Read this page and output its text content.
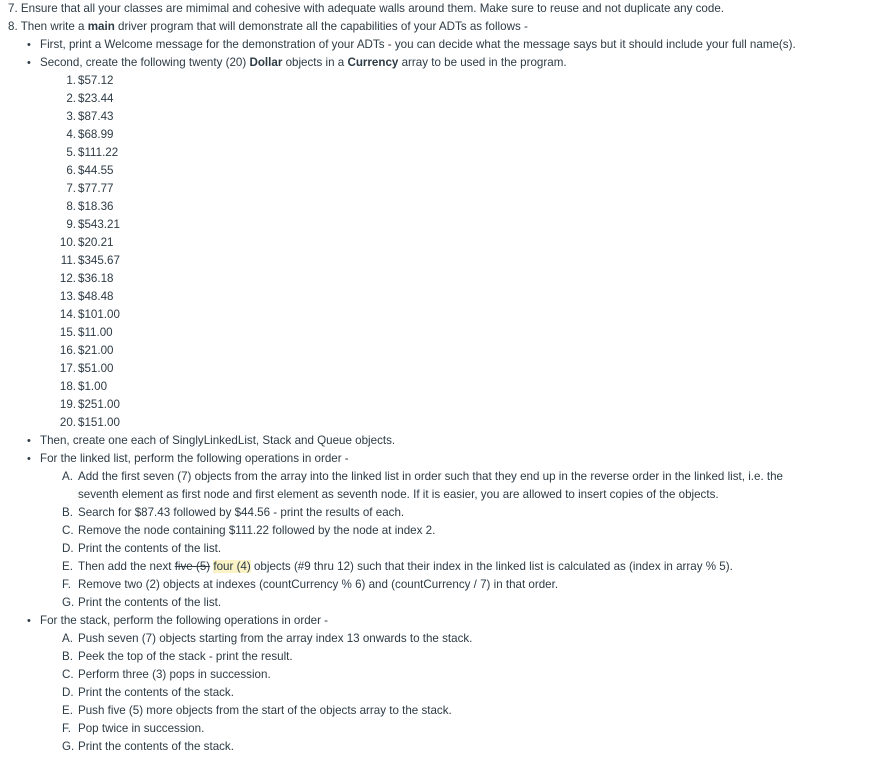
7. Ensure that all your classes are mimimal and cohesive with adequate walls around them. Make sure to reuse and not duplicate any code.
8. Then write a main driver program that will demonstrate all the capabilities of your ADTs as follows -
• First, print a Welcome message for the demonstration of your ADTs - you can decide what the message says but it should include your full name(s).
• Second, create the following twenty (20) Dollar objects in a Currency array to be used in the program.
1. $57.12
2. $23.44
3. $87.43
4. $68.99
5. $111.22
6. $44.55
7. $77.77
8. $18.36
9. $543.21
10. $20.21
11. $345.67
12. $36.18
13. $48.48
14. $101.00
15. $11.00
16. $21.00
17. $51.00
18. $1.00
19. $251.00
20. $151.00
• Then, create one each of SinglyLinkedList, Stack and Queue objects.
• For the linked list, perform the following operations in order -
A. Add the first seven (7) objects from the array into the linked list in order such that they end up in the reverse order in the linked list, i.e. the
seventh element as first node and first element as seventh node. If it is easier, you are allowed to insert copies of the objects.
B. Search for $87.43 followed by $44.56 - print the results of each.
C. Remove the node containing $111.22 followed by the node at index 2.
D. Print the contents of the list.
E. Then add the next five (5) four (4) objects (#9 thru 12) such that their index in the linked list is calculated as (index in array % 5).
F. Remove two (2) objects at indexes (countCurrency % 6) and (countCurrency / 7) in that order.
G. Print the contents of the list.
• For the stack, perform the following operations in order -
A. Push seven (7) objects starting from the array index 13 onwards to the stack.
B. Peek the top of the stack - print the result.
C. Perform three (3) pops in succession.
D. Print the contents of the stack.
E. Push five (5) more objects from the start of the objects array to the stack.
F. Pop twice in succession.
G. Print the contents of the stack.
